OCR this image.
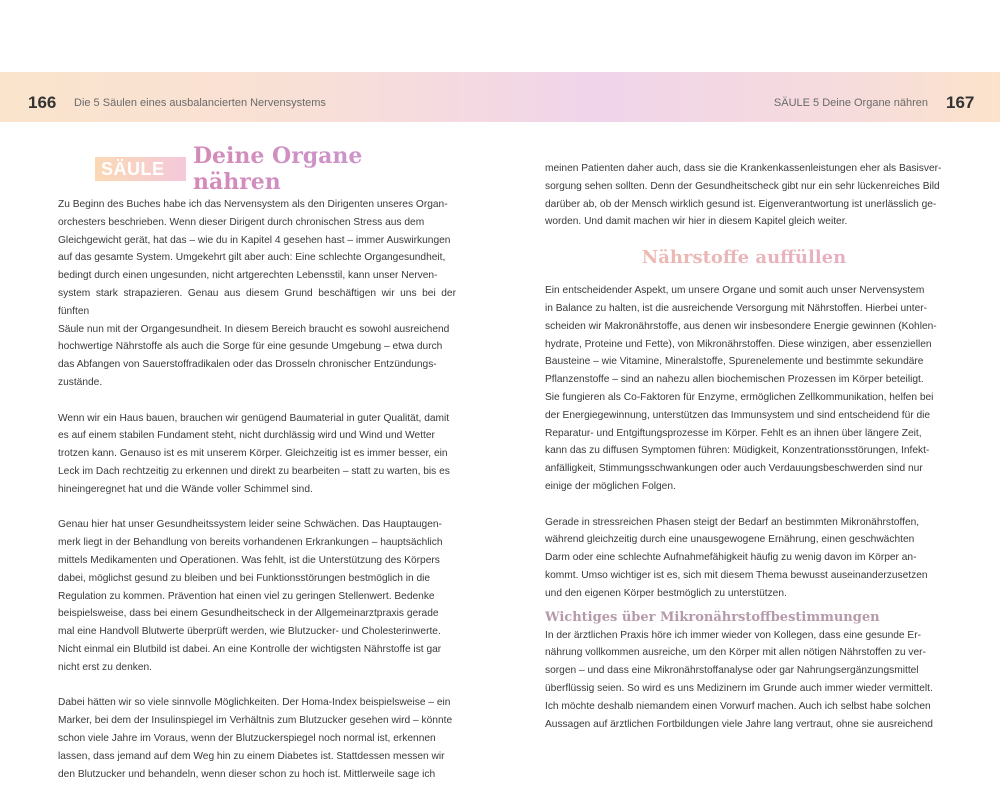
166 Die 5 Säulen eines ausbalancierten Nervensystems	SÄULE 5 Deine Organe nähren 167
SÄULE 5
Deine Organe nähren

Zu Beginn des Buches habe ich das Nervensystem als den Dirigenten unseres Organ-
orchesters beschrieben. Wenn dieser Dirigent durch chronischen Stress aus dem
Gleichgewicht gerät, hat das – wie du in Kapitel 4 gesehen hast – immer Auswirkungen
auf das gesamte System. Umgekehrt gilt aber auch: Eine schlechte Organgesundheit,
bedingt durch einen ungesunden, nicht artgerechten Lebensstil, kann unser Nerven-
system stark strapazieren. Genau aus diesem Grund beschäftigen wir uns bei der fünften
Säule nun mit der Organgesundheit. In diesem Bereich braucht es sowohl ausreichend
hochwertige Nährstoffe als auch die Sorge für eine gesunde Umgebung – etwa durch
das Abfangen von Sauerstoffradikalen oder das Drosseln chronischer Entzündungs-
zustände.

Wenn wir ein Haus bauen, brauchen wir genügend Baumaterial in guter Qualität, damit
es auf einem stabilen Fundament steht, nicht durchlässig wird und Wind und Wetter
trotzen kann. Genauso ist es mit unserem Körper. Gleichzeitig ist es immer besser, ein
Leck im Dach rechtzeitig zu erkennen und direkt zu bearbeiten – statt zu warten, bis es
hineingeregnet hat und die Wände voller Schimmel sind.

Genau hier hat unser Gesundheitssystem leider seine Schwächen. Das Hauptaugen-
merk liegt in der Behandlung von bereits vorhandenen Erkrankungen – hauptsächlich
mittels Medikamenten und Operationen. Was fehlt, ist die Unterstützung des Körpers
dabei, möglichst gesund zu bleiben und bei Funktionsstörungen bestmöglich in die
Regulation zu kommen. Prävention hat einen viel zu geringen Stellenwert. Bedenke
beispielsweise, dass bei einem Gesundheitscheck in der Allgemeinarztpraxis gerade
mal eine Handvoll Blutwerte überprüft werden, wie Blutzucker- und Cholesterinwerte.
Nicht einmal ein Blutbild ist dabei. An eine Kontrolle der wichtigsten Nährstoffe ist gar
nicht erst zu denken.

Dabei hätten wir so viele sinnvolle Möglichkeiten. Der Homa-Index beispielsweise – ein
Marker, bei dem der Insulinspiegel im Verhältnis zum Blutzucker gesehen wird – könnte
schon viele Jahre im Voraus, wenn der Blutzuckerspiegel noch normal ist, erkennen
lassen, dass jemand auf dem Weg hin zu einem Diabetes ist. Stattdessen messen wir
den Blutzucker und behandeln, wenn dieser schon zu hoch ist. Mittlerweile sage ich

meinen Patienten daher auch, dass sie die Krankenkassenleistungen eher als Basisver-
sorgung sehen sollten. Denn der Gesundheitscheck gibt nur ein sehr lückenreiches Bild
darüber ab, ob der Mensch wirklich gesund ist. Eigenverantwortung ist unerlässlich ge-
worden. Und damit machen wir hier in diesem Kapitel gleich weiter.

Nährstoffe auffüllen

Ein entscheidender Aspekt, um unsere Organe und somit auch unser Nervensystem
in Balance zu halten, ist die ausreichende Versorgung mit Nährstoffen. Hierbei unter-
scheiden wir Makronährstoffe, aus denen wir insbesondere Energie gewinnen (Kohlen-
hydrate, Proteine und Fette), von Mikronährstoffen. Diese winzigen, aber essenziellen
Bausteine – wie Vitamine, Mineralstoffe, Spurenelemente und bestimmte sekundäre
Pflanzenstoffe – sind an nahezu allen biochemischen Prozessen im Körper beteiligt.
Sie fungieren als Co-Faktoren für Enzyme, ermöglichen Zellkommunikation, helfen bei
der Energiegewinnung, unterstützen das Immunsystem und sind entscheidend für die
Reparatur- und Entgiftungsprozesse im Körper. Fehlt es an ihnen über längere Zeit,
kann das zu diffusen Symptomen führen: Müdigkeit, Konzentrationsstörungen, Infekt-
anfälligkeit, Stimmungsschwankungen oder auch Verdauungsbeschwerden sind nur
einige der möglichen Folgen.

Gerade in stressreichen Phasen steigt der Bedarf an bestimmten Mikronährstoffen,
während gleichzeitig durch eine unausgewogene Ernährung, einen geschwächten
Darm oder eine schlechte Aufnahmefähigkeit häufig zu wenig davon im Körper an-
kommt. Umso wichtiger ist es, sich mit diesem Thema bewusst auseinanderzusetzen
und den eigenen Körper bestmöglich zu unterstützen.

Wichtiges über Mikronährstoffbestimmungen

In der ärztlichen Praxis höre ich immer wieder von Kollegen, dass eine gesunde Er-
nährung vollkommen ausreiche, um den Körper mit allen nötigen Nährstoffen zu ver-
sorgen – und dass eine Mikronährstoffanalyse oder gar Nahrungsergänzungsmittel
überflüssig seien. So wird es uns Medizinern im Grunde auch immer wieder vermittelt.
Ich möchte deshalb niemandem einen Vorwurf machen. Auch ich selbst habe solchen
Aussagen auf ärztlichen Fortbildungen viele Jahre lang vertraut, ohne sie ausreichend
